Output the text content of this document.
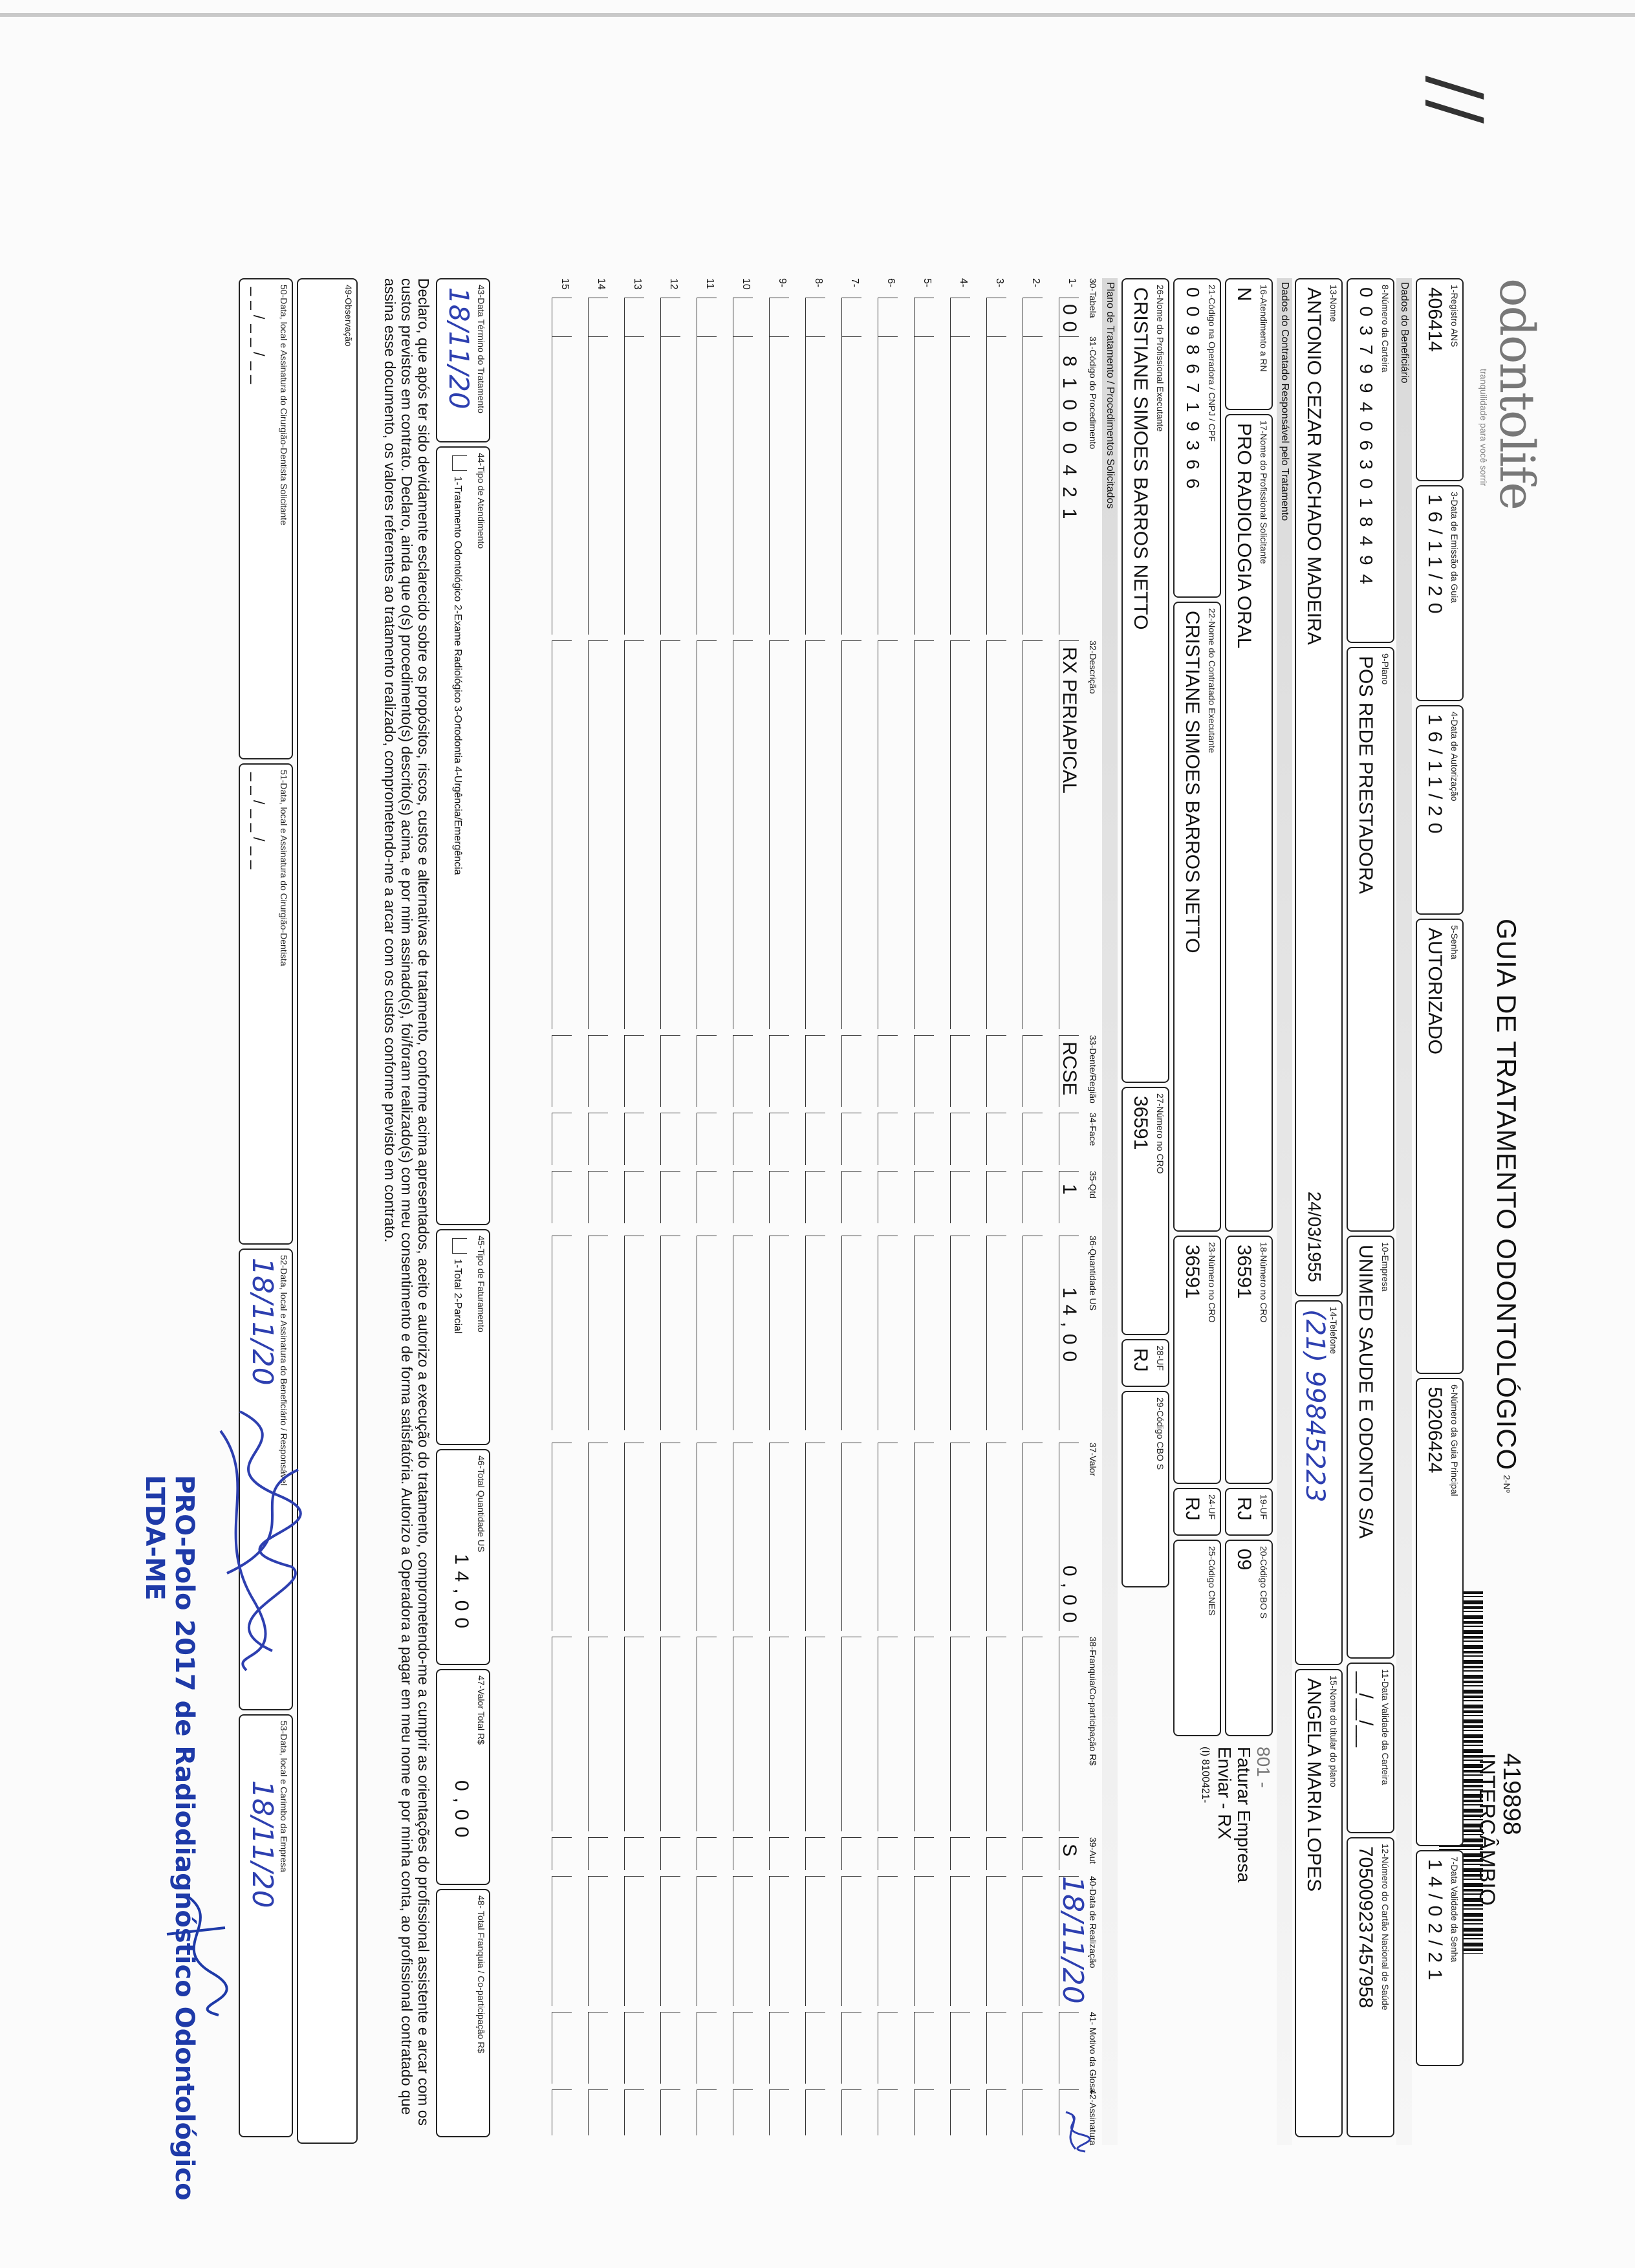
//
odontolife
tranquilidade para você sorrir
GUIA DE TRATAMENTO ODONTOLÓGICO
2-Nº
419898
INTERCÂMBIO
1-Registro ANS
406414
3-Data de Emissão da Guia
16/11/20
4-Data de Autorização
16/11/20
5-Senha
AUTORIZADO
6-Número da Guia Principal
50206424
7-Data Validade da Senha
14/02/21
Dados do Beneficiário
8-Número da Carteira
0037994063018494
9-Plano
POS REDE PRESTADORA
10-Empresa
UNIMED SAUDE E ODONTO S/A
11-Data Validade da Carteira
__/__/__
12-Número do Cartão Nacional de Saúde
705009237457958
13-Nome
ANTONIO CEZAR MACHADO MADEIRA
24/03/1955
14-Telefone
(21) 99845223
15-Nome do titular do plano
ANGELA MARIA LOPES
Dados do Contratado Responsável pelo Tratamento
16-Atendimento a RN
N
17-Nome do Profissional Solicitante
PRO RADIOLOGIA ORAL
18-Número no CRO
36591
19-UF
RJ
20-Código CBO S
09
801 -
Faturar Empresa
Enviar - RX
(I) 8100421-
21-Código na Operadora / CNPJ / CPF
00986719366
22-Nome do Contratado Executante
CRISTIANE SIMOES BARROS NETTO
23-Número no CRO
36591
24-UF
RJ
25-Código CNES
26-Nome do Profissional Executante
CRISTIANE SIMOES BARROS NETTO
27-Número no CRO
36591
28-UF
RJ
29-Código CBO S
Plano de Tratamento / Procedimentos Solicitados
30-Tabela
31-Código do Procedimento
32-Descrição
33-Dente/Região
34-Face
35-Qtd
36-Quantidade US
37-Valor
38-Franquia/Co-participação R$
39-Aut
40-Data de Realização
41- Motivo da Glosa
42-Assinatura
1-
2-
3-
4-
5-
6-
7-
8-
9-
10
11
12
13
14
15
00
81000421
RX PERIAPICAL
RCSE
1
14,00
0,00
S
18/11/20
43-Data Término do Tratamento
18/11/20
44-Tipo de Atendimento
1-Tratamento Odontológico 2-Exame Radiológico 3-Ortodontia 4-Urgência/Emergência
45-Tipo de Faturamento
1-Total 2-Parcial
46-Total Quantidade US
14,00
47-Valor Total R$
0,00
48- Total Franquia / Co-participação R$
Declaro, que após ter sido devidamente esclarecido sobre os propósitos, riscos, custos e alternativas de tratamento, conforme acima apresentados, aceito e autorizo a execução do tratamento, comprometendo-me a cumprir as orientações do profissional assistente e arcar com os custos previstos em contrato. Declaro, ainda que o(s) procedimento(s) descrito(s) acima, e por mim assinado(s), foi/foram realizado(s) com meu consentimento e de forma satisfatória. Autorizo a Operadora a pagar em meu nome e por minha conta, ao profissional contratado que assina esse documento, os valores referentes ao tratamento realizado, comprometendo-me a arcar com os custos conforme previsto em contrato.
49-Observação
50-Data, local e Assinatura do Cirurgião-Dentista Solicitante
__/__/__
51-Data, local e Assinatura do Cirurgião-Dentista
__/__/__
52-Data, local e Assinatura do Beneficiário / Responsável
18/11/20
53-Data, local e Carimbo da Empresa
18/11/20
PRO-Polo 2017 de Radiodiagnóstico Odontológico LTDA-ME
